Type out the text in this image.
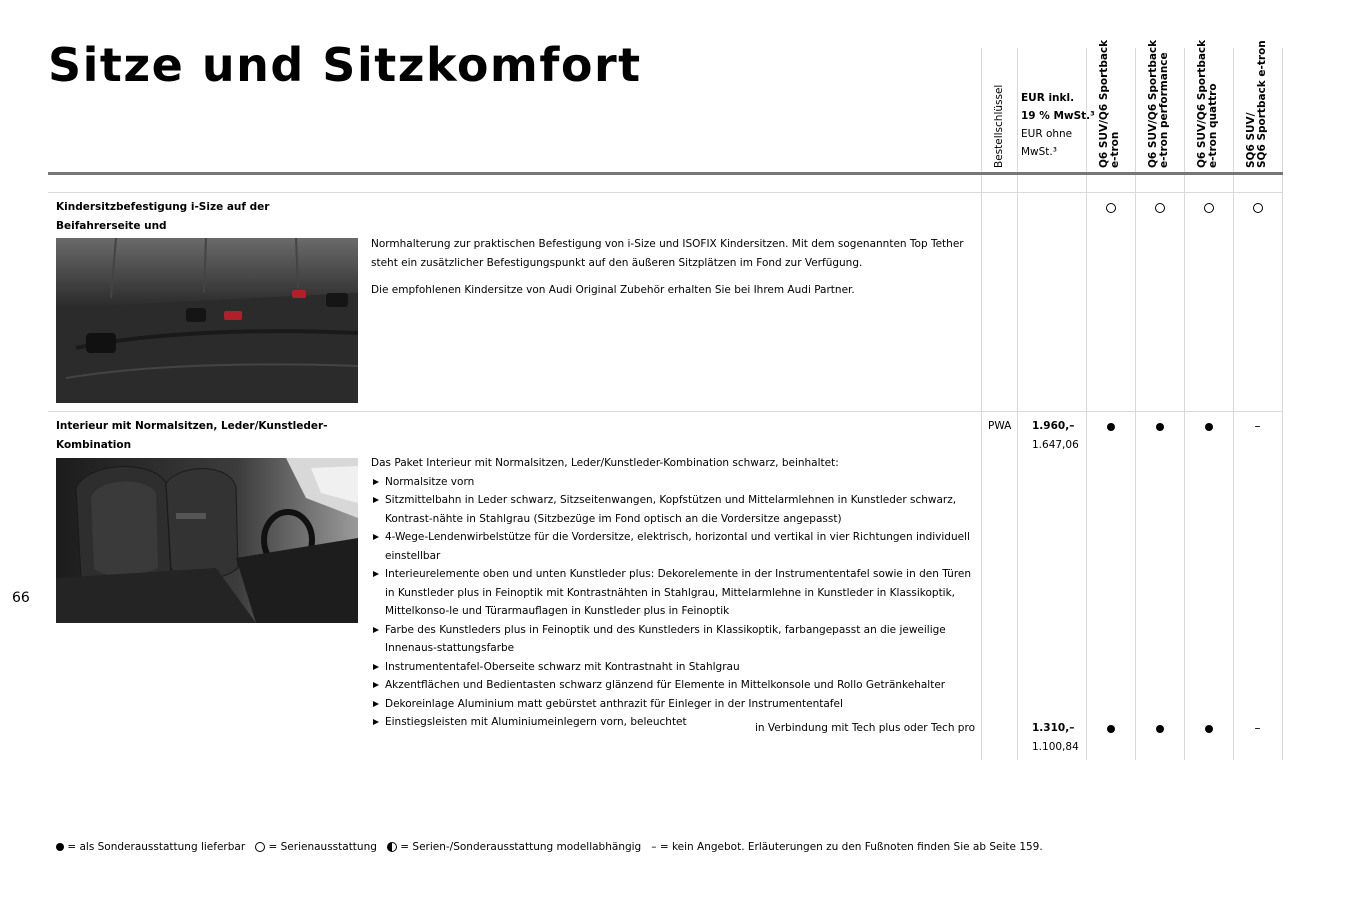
Sitze und Sitzkomfort
66
Bestellschlüssel EUR inkl.
19 % MwSt.³
EUR ohne
MwSt.³	Q6 SUV/Q6 Sportback e-tron Q6 SUV/Q6 Sportback e-tron performance Q6 SUV/Q6 Sportback e-tron quattro SQ6 SUV/ SQ6 Sportback e-tron
Kindersitzbefestigung i-Size auf der Beifahrerseite und

Normhalterung zur praktischen Befestigung von i-Size und ISOFIX Kindersitzen. Mit dem sogenannten Top Tether steht ein zusätzlicher Befestigungspunkt auf den äußeren Sitzplätzen im Fond zur Verfügung.

Die empfohlenen Kindersitze von Audi Original Zubehör erhalten Sie bei Ihrem Audi Partner.

Interieur mit Normalsitzen, Leder/Kunstleder-Kombination
Das Paket Interieur mit Normalsitzen, Leder/Kunstleder-Kombination schwarz, beinhaltet:
Normalsitze vorn
Sitzmittelbahn in Leder schwarz, Sitzseitenwangen, Kopfstützen und Mittelarmlehnen in Kunstleder schwarz, Kontrast-nähte in Stahlgrau (Sitzbezüge im Fond optisch an die Vordersitze angepasst)
4-Wege-Lendenwirbelstütze für die Vordersitze, elektrisch, horizontal und vertikal in vier Richtungen individuell einstellbar
Interieurelemente oben und unten Kunstleder plus: Dekorelemente in der Instrumententafel sowie in den Türen in Kunstleder plus in Feinoptik mit Kontrastnähten in Stahlgrau, Mittelarmlehne in Kunstleder in Klassikoptik, Mittelkonso-le und Türarmauflagen in Kunstleder plus in Feinoptik
Farbe des Kunstleders plus in Feinoptik und des Kunstleders in Klassikoptik, farbangepasst an die jeweilige Innenaus-stattungsfarbe
Instrumententafel-Oberseite schwarz mit Kontrastnaht in Stahlgrau
Akzentflächen und Bedientasten schwarz glänzend für Elemente in Mittelkonsole und Rollo Getränkehalter
Dekoreinlage Aluminium matt gebürstet anthrazit für Einleger in der Instrumententafel
Einstiegsleisten mit Aluminiumeinlegern vorn, beleuchtet
PWA 1.960,–
1.647,06
–
in Verbindung mit Tech plus oder Tech pro	1.310,–
1.100,84
–
= als Sonderausstattung lieferbar = Serienausstattung = Serien-/Sonderausstattung modellabhängig – = kein Angebot. Erläuterungen zu den Fußnoten finden Sie ab Seite 159.
